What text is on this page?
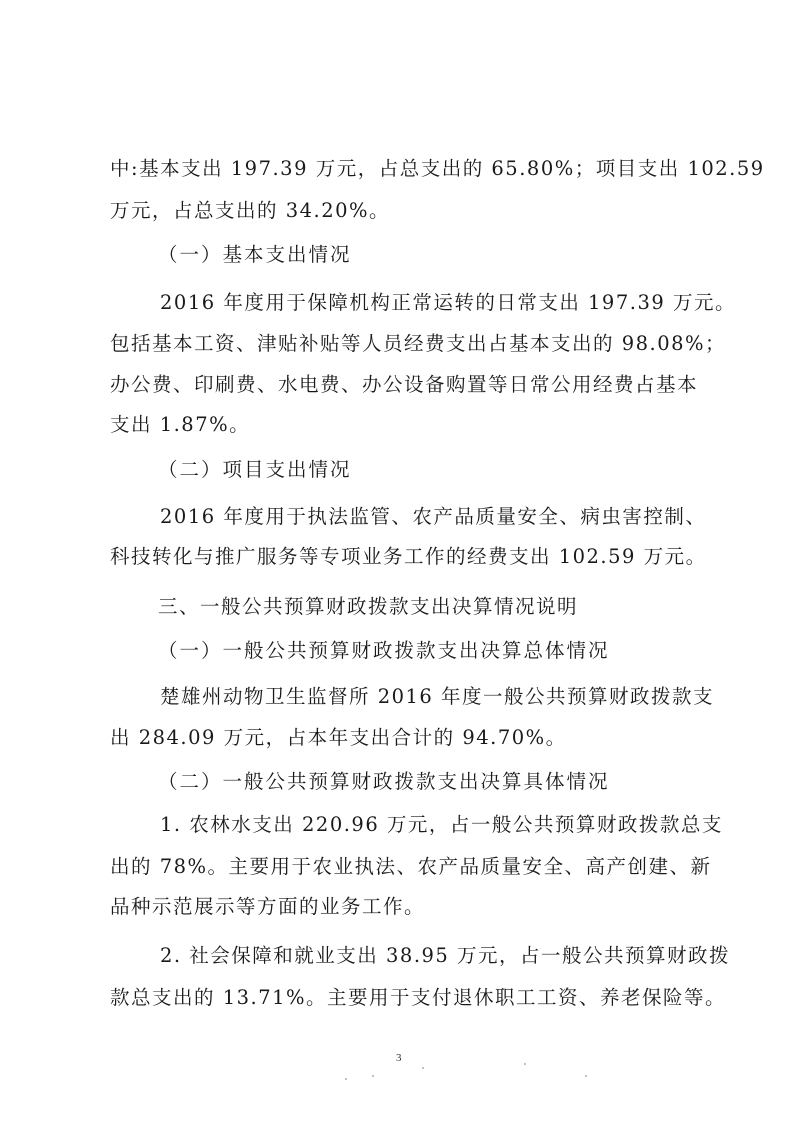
中:基本支出 197.39 万元，占总支出的 65.80%；项目支出 102.59
万元，占总支出的 34.20%。
（一）基本支出情况
2016 年度用于保障机构正常运转的日常支出 197.39 万元。
包括基本工资、津贴补贴等人员经费支出占基本支出的 98.08%；
办公费、印刷费、水电费、办公设备购置等日常公用经费占基本
支出 1.87%。
（二）项目支出情况
2016 年度用于执法监管、农产品质量安全、病虫害控制、
科技转化与推广服务等专项业务工作的经费支出 102.59 万元。
三、一般公共预算财政拨款支出决算情况说明
（一）一般公共预算财政拨款支出决算总体情况
楚雄州动物卫生监督所 2016 年度一般公共预算财政拨款支
出 284.09 万元，占本年支出合计的 94.70%。
（二）一般公共预算财政拨款支出决算具体情况
1. 农林水支出 220.96 万元，占一般公共预算财政拨款总支
出的 78%。主要用于农业执法、农产品质量安全、高产创建、新
品种示范展示等方面的业务工作。
2. 社会保障和就业支出 38.95 万元，占一般公共预算财政拨
款总支出的 13.71%。主要用于支付退休职工工资、养老保险等。
3
